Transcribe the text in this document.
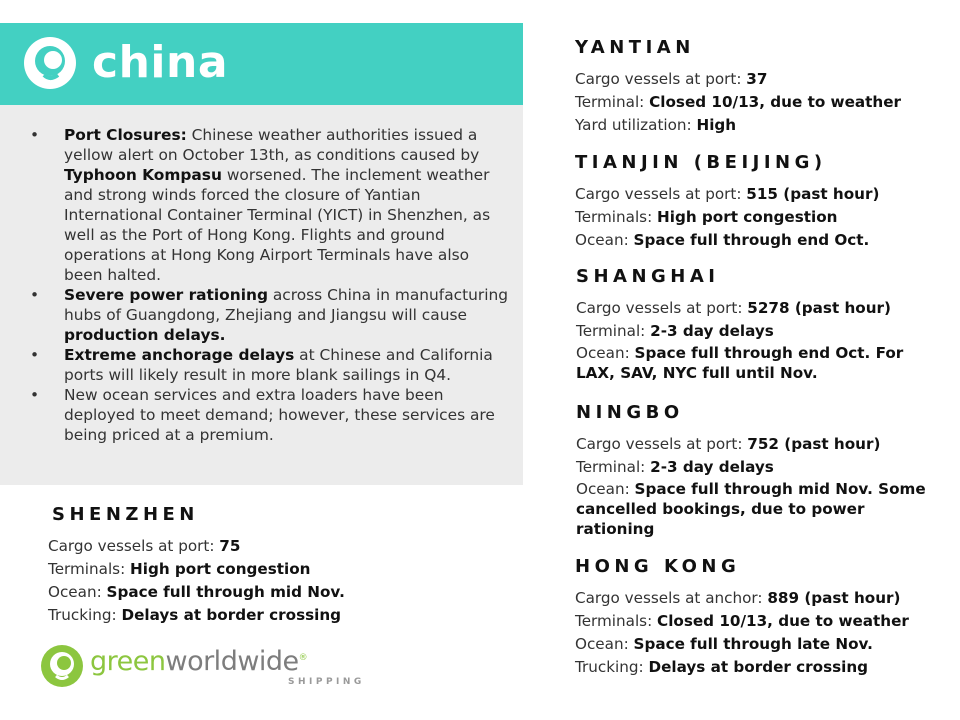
china
• Port Closures: Chinese weather authorities issued a yellow alert on October 13th, as conditions caused by Typhoon Kompasu worsened. The inclement weather and strong winds forced the closure of Yantian International Container Terminal (YICT) in Shenzhen, as well as the Port of Hong Kong. Flights and ground operations at Hong Kong Airport Terminals have also been halted.
• Severe power rationing across China in manufacturing hubs of Guangdong, Zhejiang and Jiangsu will cause production delays.
• Extreme anchorage delays at Chinese and California ports will likely result in more blank sailings in Q4.
• New ocean services and extra loaders have been deployed to meet demand; however, these services are being priced at a premium.
SHENZHEN
Cargo vessels at port: 75
Terminals: High port congestion
Ocean: Space full through mid Nov.
Trucking: Delays at border crossing
YANTIAN
Cargo vessels at port: 37
Terminal: Closed 10/13, due to weather
Yard utilization: High
TIANJIN (BEIJING)
Cargo vessels at port: 515 (past hour)
Terminals: High port congestion
Ocean: Space full through end Oct.
SHANGHAI
Cargo vessels at port: 5278 (past hour)
Terminal: 2-3 day delays
Ocean: Space full through end Oct. For LAX, SAV, NYC full until Nov.
NINGBO
Cargo vessels at port: 752 (past hour)
Terminal: 2-3 day delays
Ocean: Space full through mid Nov. Some cancelled bookings, due to power rationing
HONG KONG
Cargo vessels at anchor: 889 (past hour)
Terminals: Closed 10/13, due to weather
Ocean: Space full through late Nov.
Trucking: Delays at border crossing
greenworldwide®
SHIPPING
